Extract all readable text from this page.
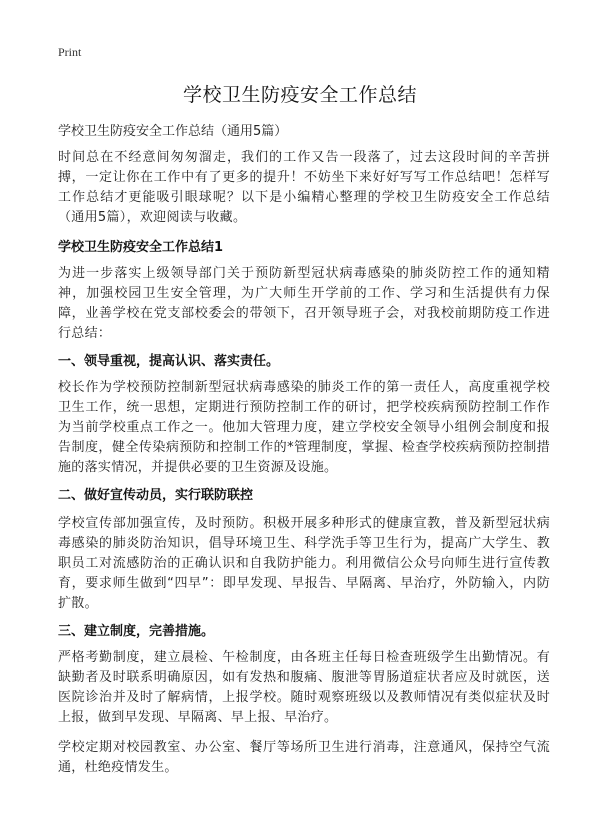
Print
学校卫生防疫安全工作总结
学校卫生防疫安全工作总结（通用5篇）

时间总在不经意间匆匆溜走，我们的工作又告一段落了，过去这段时间的辛苦拼搏，一定让你在工作中有了更多的提升！不妨坐下来好好写写工作总结吧！怎样写工作总结才更能吸引眼球呢？以下是小编精心整理的学校卫生防疫安全工作总结（通用5篇），欢迎阅读与收藏。

学校卫生防疫安全工作总结1

为进一步落实上级领导部门关于预防新型冠状病毒感染的肺炎防控工作的通知精神，加强校园卫生安全管理，为广大师生开学前的工作、学习和生活提供有力保障，业善学校在党支部校委会的带领下，召开领导班子会，对我校前期防疫工作进行总结：

一、领导重视，提高认识、落实责任。

校长作为学校预防控制新型冠状病毒感染的肺炎工作的第一责任人，高度重视学校卫生工作，统一思想，定期进行预防控制工作的研讨，把学校疾病预防控制工作作为当前学校重点工作之一。他加大管理力度，建立学校安全领导小组例会制度和报告制度，健全传染病预防和控制工作的*管理制度，掌握、检查学校疾病预防控制措施的落实情况，并提供必要的卫生资源及设施。

二、做好宣传动员，实行联防联控

学校宣传部加强宣传，及时预防。积极开展多种形式的健康宣教，普及新型冠状病毒感染的肺炎防治知识，倡导环境卫生、科学洗手等卫生行为，提高广大学生、教职员工对流感防治的正确认识和自我防护能力。利用微信公众号向师生进行宣传教育，要求师生做到“四早”：即早发现、早报告、早隔离、早治疗，外防输入，内防扩散。

三、建立制度，完善措施。

严格考勤制度，建立晨检、午检制度，由各班主任每日检查班级学生出勤情况。有缺勤者及时联系明确原因，如有发热和腹痛、腹泄等胃肠道症状者应及时就医，送医院诊治并及时了解病情，上报学校。随时观察班级以及教师情况有类似症状及时上报，做到早发现、早隔离、早上报、早治疗。

学校定期对校园教室、办公室、餐厅等场所卫生进行消毒，注意通风，保持空气流通，杜绝疫情发生。
